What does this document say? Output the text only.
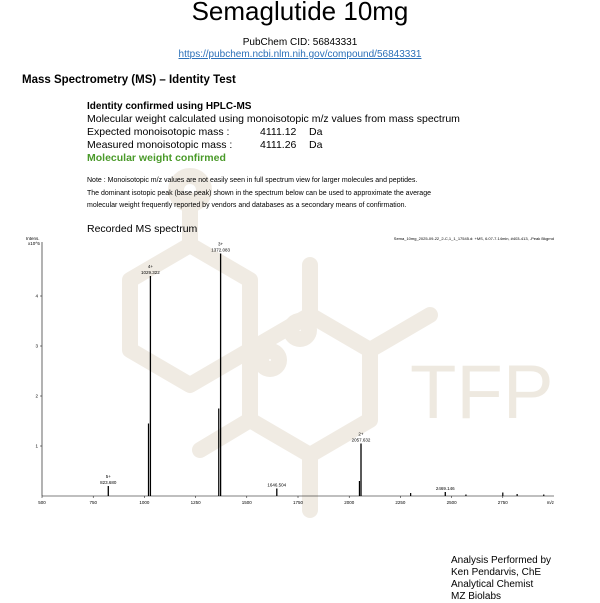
TFP
Semaglutide 10mg
PubChem CID: 56843331
https://pubchem.ncbi.nlm.nih.gov/compound/56843331
Mass Spectrometry (MS) – Identity Test
Identity confirmed using HPLC-MS
Molecular weight calculated using monoisotopic m/z values from mass spectrum
Expected monoisotopic mass :	4111.12 Da
Measured monoisotopic mass :	4111.26 Da
Molecular weight confirmed
Note : Monoisotopic m/z values are not easily seen in full spectrum view for larger molecules and peptides.
The dominant isotopic peak (base peak) shown in the spectrum below can be used to approximate the average
molecular weight frequently reported by vendors and databases as a secondary means of confirmation.
Recorded MS spectrum
Intens.
x10^5
Sema_10mg_2025-09-22_2-C,1_1_17545.d: +MS, 6.07-7.14min, #403-413, -Peak Bkgrnd
m/z
500	750	1000	1250	1500	1750	2000	2250	2500	2750
1
2
3
4
823.680
5+
1029.322
4+
1372.083
3+
1646.504
2057.632
2+
2469.146
Analysis Performed by
Ken Pendarvis, ChE
Analytical Chemist
MZ Biolabs
